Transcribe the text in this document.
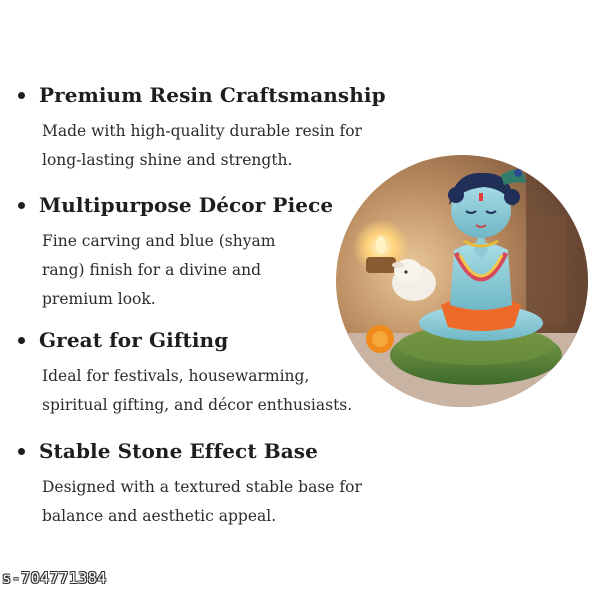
Premium Resin Craftsmanship
Made with high-quality durable resin for
long-lasting shine and strength.
Multipurpose Décor Piece
Fine carving and blue (shyam
rang) finish for a divine and
premium look.
Great for Gifting
Ideal for festivals, housewarming,
spiritual gifting, and décor enthusiasts.
Stable Stone Effect Base
Designed with a textured stable base for
balance and aesthetic appeal.
s-704771384
